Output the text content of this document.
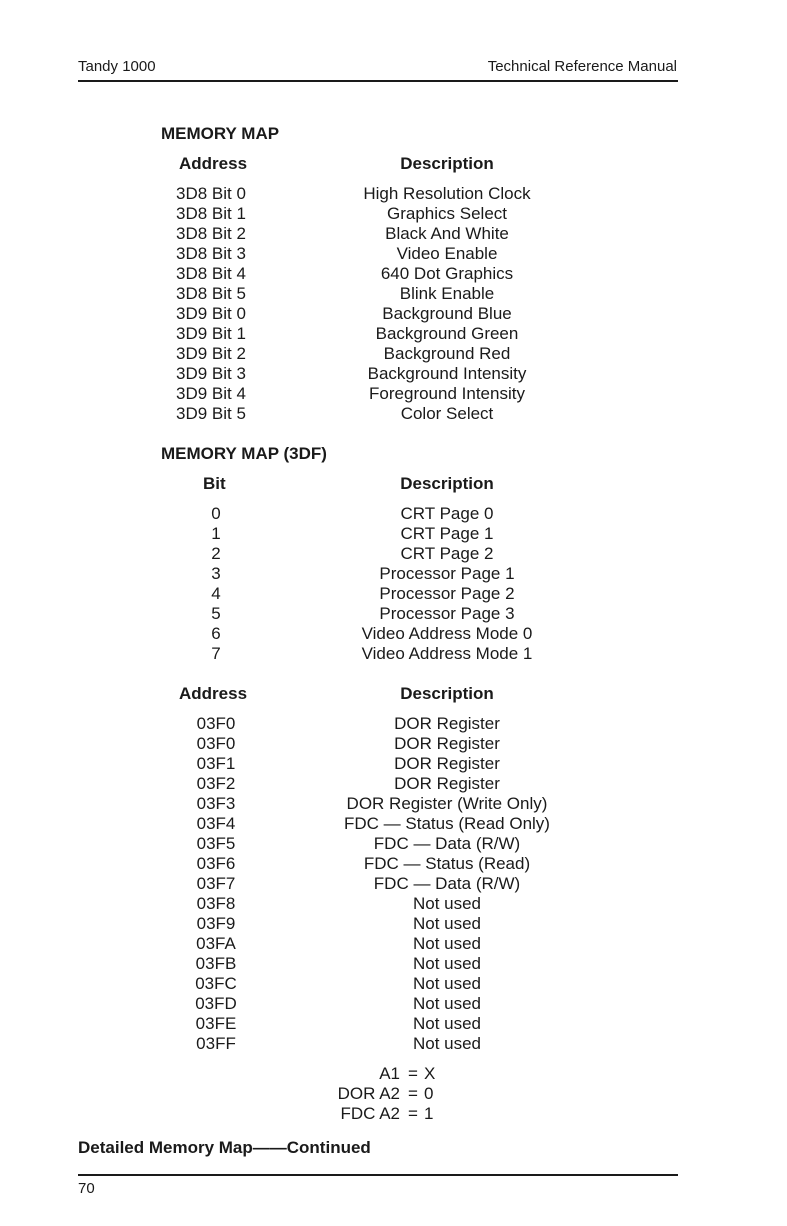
Tandy 1000	Technical Reference Manual
MEMORY MAP
Address	Description
3D8 Bit 0	High Resolution Clock
3D8 Bit 1	Graphics Select
3D8 Bit 2	Black And White
3D8 Bit 3	Video Enable
3D8 Bit 4	640 Dot Graphics
3D8 Bit 5	Blink Enable
3D9 Bit 0	Background Blue
3D9 Bit 1	Background Green
3D9 Bit 2	Background Red
3D9 Bit 3	Background Intensity
3D9 Bit 4	Foreground Intensity
3D9 Bit 5	Color Select
MEMORY MAP (3DF)
Bit	Description
0	CRT Page 0
1	CRT Page 1
2	CRT Page 2
3	Processor Page 1
4	Processor Page 2
5	Processor Page 3
6	Video Address Mode 0
7	Video Address Mode 1
Address	Description
03F0	DOR Register
03F0	DOR Register
03F1	DOR Register
03F2	DOR Register
03F3	DOR Register (Write Only)
03F4	FDC — Status (Read Only)
03F5	FDC — Data (R/W)
03F6	FDC — Status (Read)
03F7	FDC — Data (R/W)
03F8	Not used
03F9	Not used
03FA	Not used
03FB	Not used
03FC	Not used
03FD	Not used
03FE	Not used
03FF	Not used
A1 = X
DOR A2 = 0
FDC A2 = 1
Detailed Memory Map——Continued
70
